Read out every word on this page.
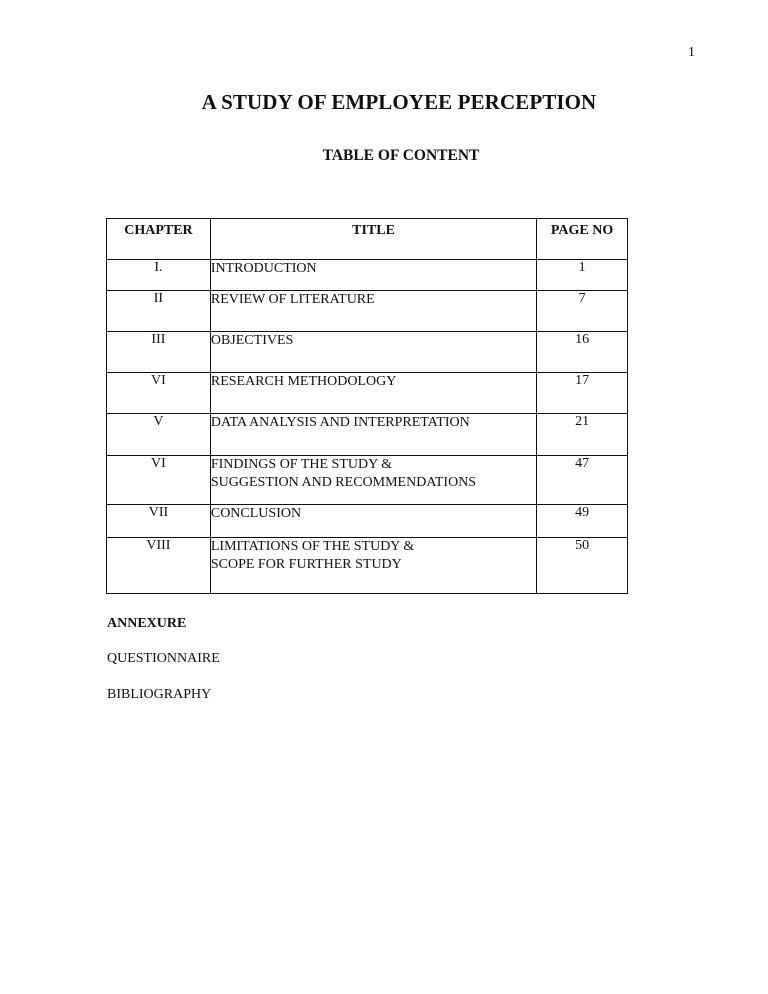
1
A STUDY OF EMPLOYEE PERCEPTION
TABLE OF CONTENT
CHAPTER	TITLE	PAGE NO
I.	INTRODUCTION	1
II	REVIEW OF LITERATURE	7
III	OBJECTIVES	16
VI	RESEARCH METHODOLOGY	17
V	DATA ANALYSIS AND INTERPRETATION	21
VI	FINDINGS OF THE STUDY &
SUGGESTION AND RECOMMENDATIONS	47
VII	CONCLUSION	49
VIII	LIMITATIONS OF THE STUDY &
SCOPE FOR FURTHER STUDY	50
ANNEXURE
QUESTIONNAIRE
BIBLIOGRAPHY
